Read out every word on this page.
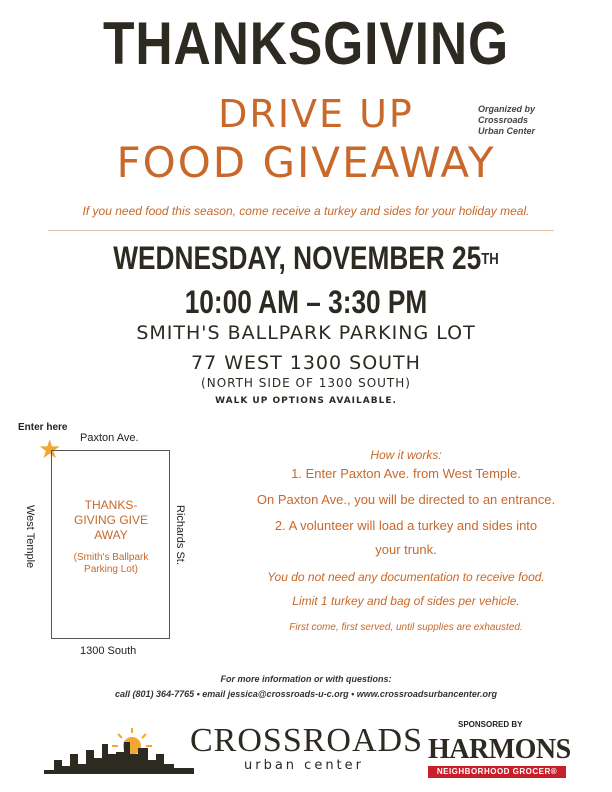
THANKSGIVING
DRIVE UP
FOOD GIVEAWAY
Organized by
Crossroads
Urban Center
If you need food this season, come receive a turkey and sides for your holiday meal.
WEDNESDAY, NOVEMBER 25TH
10:00 AM – 3:30 PM
SMITH'S BALLPARK PARKING LOT
77 WEST 1300 SOUTH
(NORTH SIDE OF 1300 SOUTH)
WALK UP OPTIONS AVAILABLE.
Enter here
★ Paxton Ave.
West Temple	Richards St.
THANKS-
GIVING GIVE
AWAY
(Smith's Ballpark
Parking Lot)
1300 South
How it works:
1. Enter Paxton Ave. from West Temple.
On Paxton Ave., you will be directed to an entrance.
2. A volunteer will load a turkey and sides into
your trunk.
You do not need any documentation to receive food.
Limit 1 turkey and bag of sides per vehicle.
First come, first served, until supplies are exhausted.
For more information or with questions:
call (801) 364-7765 • email jessica@crossroads-u-c.org • www.crossroadsurbancenter.org
CROSSROADS
urban center
SPONSORED BY
HARMONS
NEIGHBORHOOD GROCER®
